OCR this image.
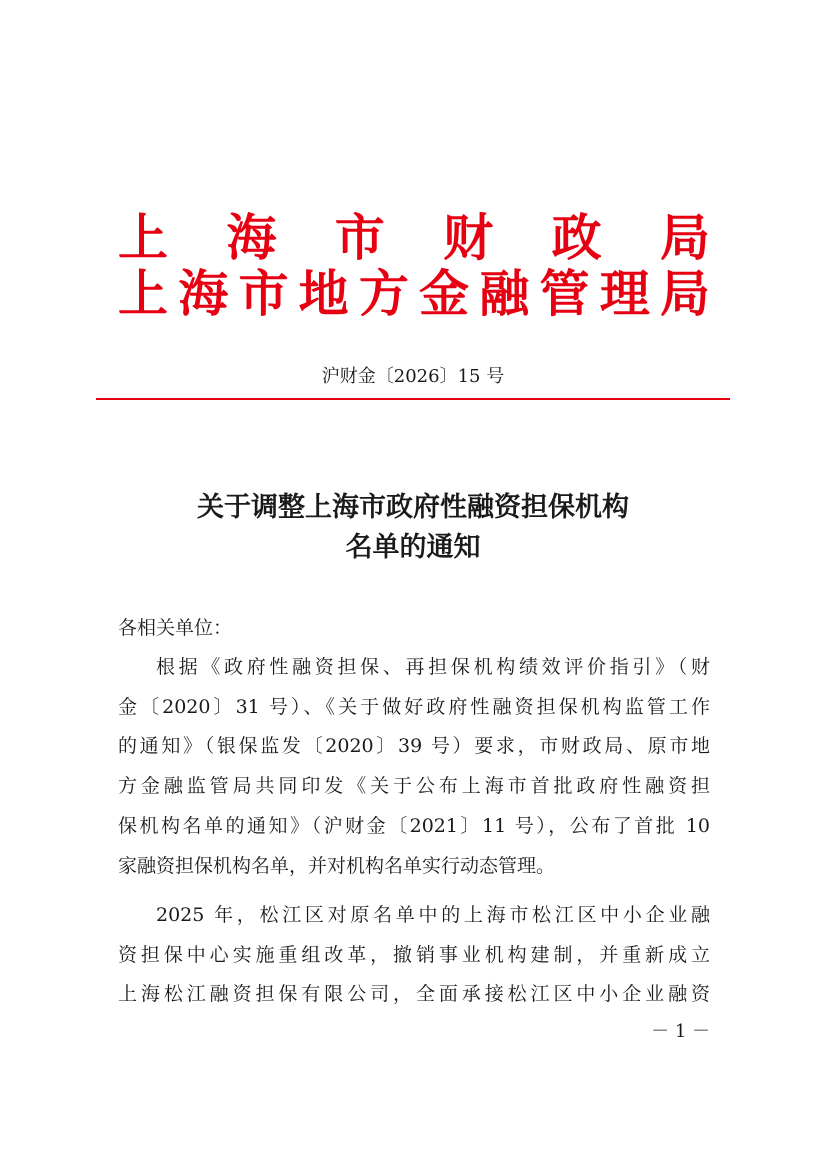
上 海 市 财 政 局
上 海 市 地 方 金 融 管 理 局
沪财金〔2026〕15 号
关于调整上海市政府性融资担保机构
名单的通知
各相关单位：
根据《政府性融资担保、再担保机构绩效评价指引》（财
金〔2020〕31 号）、《关于做好政府性融资担保机构监管工作
的通知》（银保监发〔2020〕39 号）要求，市财政局、原市地
方金融监管局共同印发《关于公布上海市首批政府性融资担
保机构名单的通知》（沪财金〔2021〕11 号），公布了首批 10
家融资担保机构名单，并对机构名单实行动态管理。
2025 年，松江区对原名单中的上海市松江区中小企业融
资担保中心实施重组改革，撤销事业机构建制，并重新成立
上海松江融资担保有限公司，全面承接松江区中小企业融资
－ 1 －
